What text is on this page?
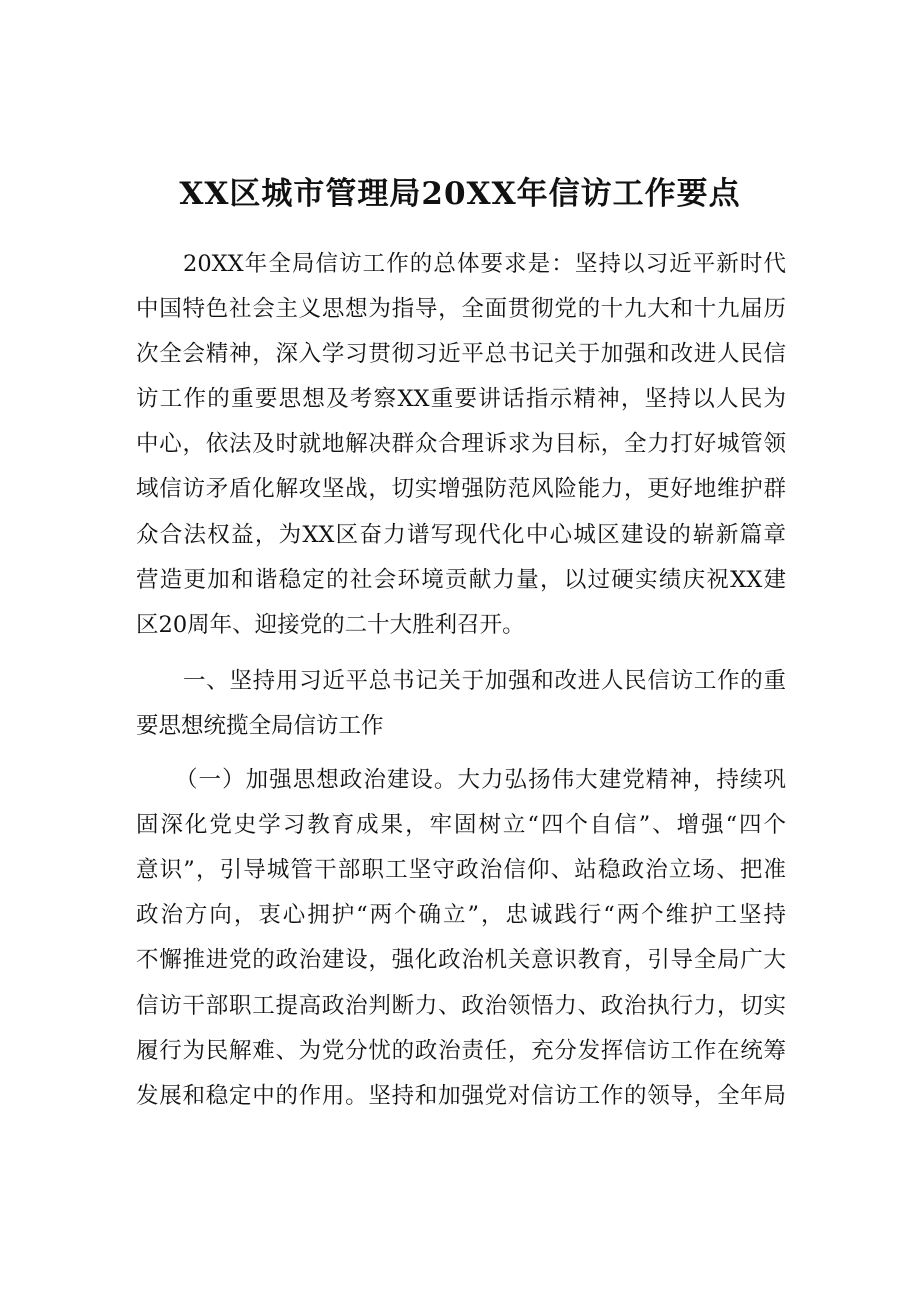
XX区城市管理局20XX年信访工作要点
20XX年全局信访工作的总体要求是：坚持以习近平新时代
中国特色社会主义思想为指导，全面贯彻党的十九大和十九届历
次全会精神，深入学习贯彻习近平总书记关于加强和改进人民信
访工作的重要思想及考察XX重要讲话指示精神，坚持以人民为
中心，依法及时就地解决群众合理诉求为目标，全力打好城管领
域信访矛盾化解攻坚战，切实增强防范风险能力，更好地维护群
众合法权益，为XX区奋力谱写现代化中心城区建设的崭新篇章
营造更加和谐稳定的社会环境贡献力量，以过硬实绩庆祝XX建
区20周年、迎接党的二十大胜利召开。
一、坚持用习近平总书记关于加强和改进人民信访工作的重
要思想统揽全局信访工作
（一）加强思想政治建设。大力弘扬伟大建党精神，持续巩
固深化党史学习教育成果，牢固树立“四个自信”、增强“四个
意识”，引导城管干部职工坚守政治信仰、站稳政治立场、把准
政治方向，衷心拥护“两个确立”，忠诚践行“两个维护工坚持
不懈推进党的政治建设，强化政治机关意识教育，引导全局广大
信访干部职工提高政治判断力、政治领悟力、政治执行力，切实
履行为民解难、为党分忧的政治责任，充分发挥信访工作在统筹
发展和稳定中的作用。坚持和加强党对信访工作的领导，全年局
